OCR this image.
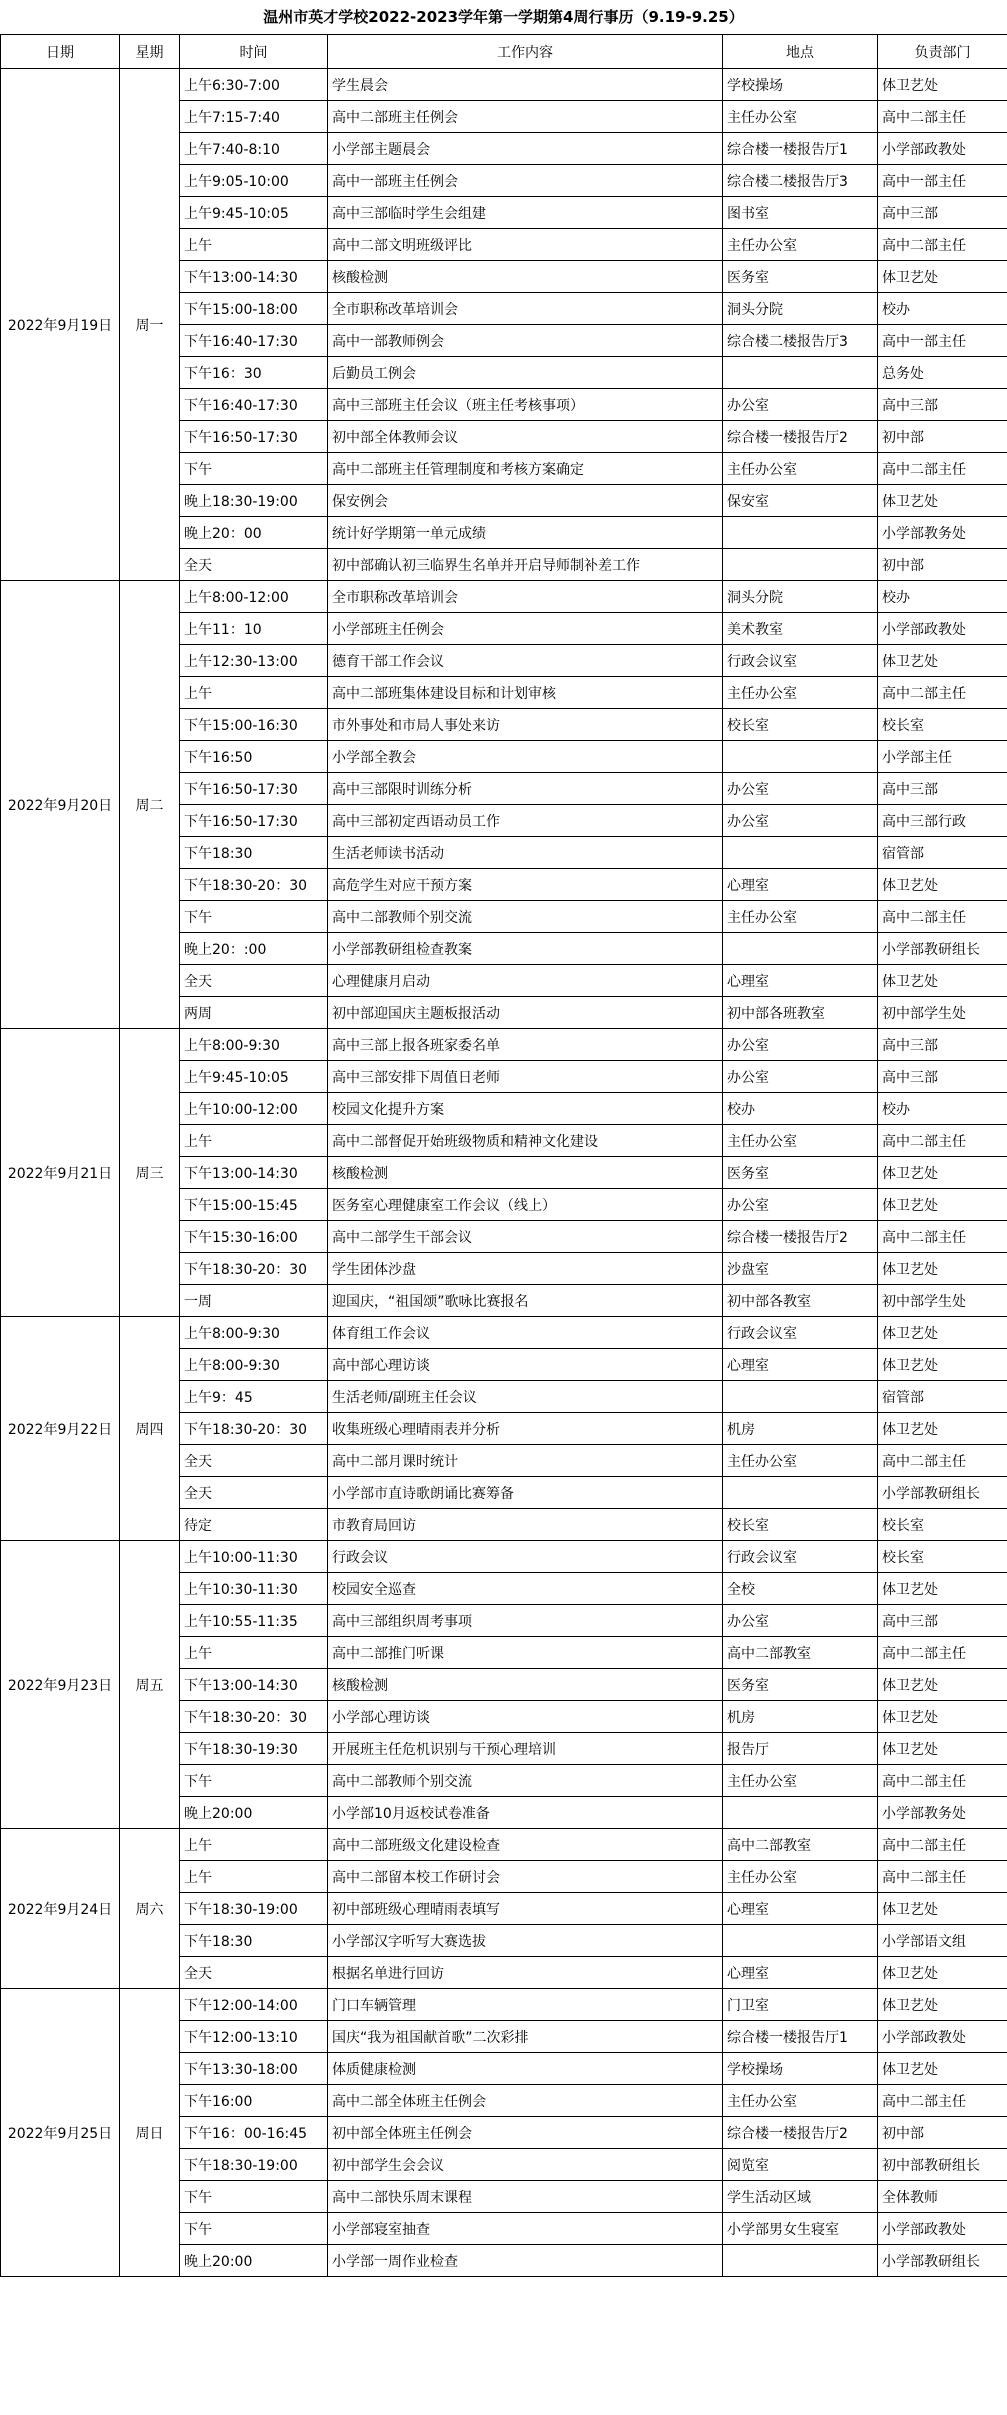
温州市英才学校2022-2023学年第一学期第4周行事历（9.19-9.25）
日期	星期	时间	工作内容	地点	负责部门
2022年9月19日	周一	上午6:30-7:00	学生晨会	学校操场	体卫艺处
		上午7:15-7:40	高中二部班主任例会	主任办公室	高中二部主任
		上午7:40-8:10	小学部主题晨会	综合楼一楼报告厅1	小学部政教处
		上午9:05-10:00	高中一部班主任例会	综合楼二楼报告厅3	高中一部主任
		上午9:45-10:05	高中三部临时学生会组建	图书室	高中三部
		上午	高中二部文明班级评比	主任办公室	高中二部主任
		下午13:00-14:30	核酸检测	医务室	体卫艺处
		下午15:00-18:00	全市职称改革培训会	洞头分院	校办
		下午16:40-17:30	高中一部教师例会	综合楼二楼报告厅3	高中一部主任
		下午16：30	后勤员工例会		总务处
		下午16:40-17:30	高中三部班主任会议（班主任考核事项）	办公室	高中三部
		下午16:50-17:30	初中部全体教师会议	综合楼一楼报告厅2	初中部
		下午	高中二部班主任管理制度和考核方案确定	主任办公室	高中二部主任
		晚上18:30-19:00	保安例会	保安室	体卫艺处
		晚上20：00	统计好学期第一单元成绩		小学部教务处
		全天	初中部确认初三临界生名单并开启导师制补差工作		初中部
2022年9月20日	周二	上午8:00-12:00	全市职称改革培训会	洞头分院	校办
		上午11：10	小学部班主任例会	美术教室	小学部政教处
		上午12:30-13:00	德育干部工作会议	行政会议室	体卫艺处
		上午	高中二部班集体建设目标和计划审核	主任办公室	高中二部主任
		下午15:00-16:30	市外事处和市局人事处来访	校长室	校长室
		下午16:50	小学部全教会		小学部主任
		下午16:50-17:30	高中三部限时训练分析	办公室	高中三部
		下午16:50-17:30	高中三部初定西语动员工作	办公室	高中三部行政
		下午18:30	生活老师读书活动		宿管部
		下午18:30-20：30	高危学生对应干预方案	心理室	体卫艺处
		下午	高中二部教师个别交流	主任办公室	高中二部主任
		晚上20：:00	小学部教研组检查教案		小学部教研组长
		全天	心理健康月启动	心理室	体卫艺处
		两周	初中部迎国庆主题板报活动	初中部各班教室	初中部学生处
2022年9月21日	周三	上午8:00-9:30	高中三部上报各班家委名单	办公室	高中三部
		上午9:45-10:05	高中三部安排下周值日老师	办公室	高中三部
		上午10:00-12:00	校园文化提升方案	校办	校办
		上午	高中二部督促开始班级物质和精神文化建设	主任办公室	高中二部主任
		下午13:00-14:30	核酸检测	医务室	体卫艺处
		下午15:00-15:45	医务室心理健康室工作会议（线上）	办公室	体卫艺处
		下午15:30-16:00	高中二部学生干部会议	综合楼一楼报告厅2	高中二部主任
		下午18:30-20：30	学生团体沙盘	沙盘室	体卫艺处
		一周	迎国庆，“祖国颂”歌咏比赛报名	初中部各教室	初中部学生处
2022年9月22日	周四	上午8:00-9:30	体育组工作会议	行政会议室	体卫艺处
		上午8:00-9:30	高中部心理访谈	心理室	体卫艺处
		上午9：45	生活老师/副班主任会议		宿管部
		下午18:30-20：30	收集班级心理晴雨表并分析	机房	体卫艺处
		全天	高中二部月课时统计	主任办公室	高中二部主任
		全天	小学部市直诗歌朗诵比赛筹备		小学部教研组长
		待定	市教育局回访	校长室	校长室
2022年9月23日	周五	上午10:00-11:30	行政会议	行政会议室	校长室
		上午10:30-11:30	校园安全巡查	全校	体卫艺处
		上午10:55-11:35	高中三部组织周考事项	办公室	高中三部
		上午	高中二部推门听课	高中二部教室	高中二部主任
		下午13:00-14:30	核酸检测	医务室	体卫艺处
		下午18:30-20：30	小学部心理访谈	机房	体卫艺处
		下午18:30-19:30	开展班主任危机识别与干预心理培训	报告厅	体卫艺处
		下午	高中二部教师个别交流	主任办公室	高中二部主任
		晚上20:00	小学部10月返校试卷准备		小学部教务处
2022年9月24日	周六	上午	高中二部班级文化建设检查	高中二部教室	高中二部主任
		上午	高中二部留本校工作研讨会	主任办公室	高中二部主任
		下午18:30-19:00	初中部班级心理晴雨表填写	心理室	体卫艺处
		下午18:30	小学部汉字听写大赛选拔		小学部语文组
		全天	根据名单进行回访	心理室	体卫艺处
2022年9月25日	周日	下午12:00-14:00	门口车辆管理	门卫室	体卫艺处
		下午12:00-13:10	国庆“我为祖国献首歌”二次彩排	综合楼一楼报告厅1	小学部政教处
		下午13:30-18:00	体质健康检测	学校操场	体卫艺处
		下午16:00	高中二部全体班主任例会	主任办公室	高中二部主任
		下午16：00-16:45	初中部全体班主任例会	综合楼一楼报告厅2	初中部
		下午18:30-19:00	初中部学生会会议	阅览室	初中部教研组长
		下午	高中二部快乐周末课程	学生活动区域	全体教师
		下午	小学部寝室抽查	小学部男女生寝室	小学部政教处
		晚上20:00	小学部一周作业检查		小学部教研组长
